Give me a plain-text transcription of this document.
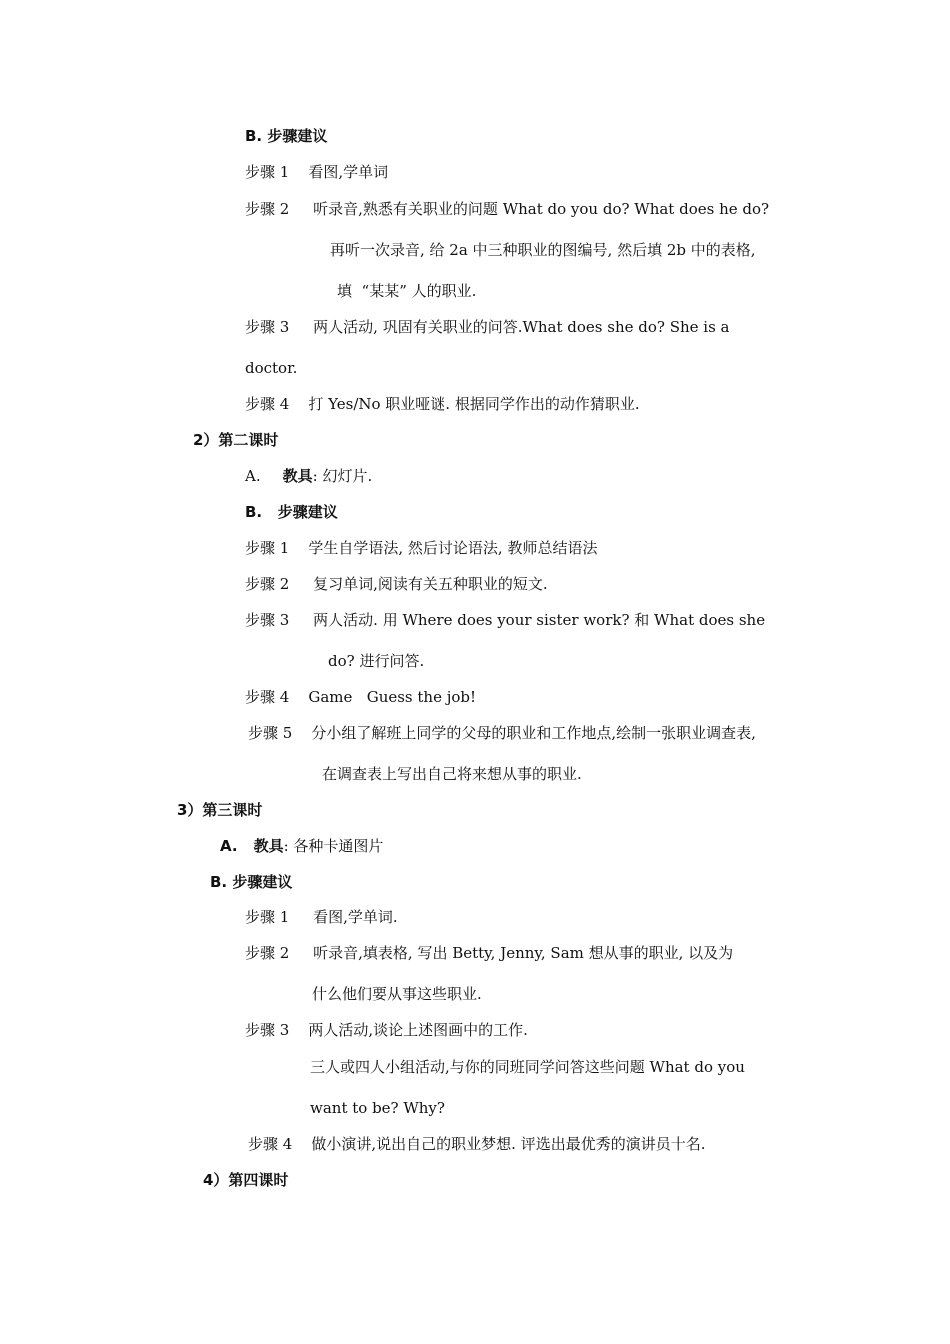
B. 步骤建议
步骤 1    看图,学单词
步骤 2     听录音,熟悉有关职业的问题 What do you do? What does he do?
再听一次录音, 给 2a 中三种职业的图编号, 然后填 2b 中的表格,
填  “某某” 人的职业.
步骤 3     两人活动, 巩固有关职业的问答.What does she do? She is a
doctor.
步骤 4    打 Yes/No 职业哑谜. 根据同学作出的动作猜职业.
2）第二课时
A. 教具: 幻灯片.
B.   步骤建议
步骤 1    学生自学语法, 然后讨论语法, 教师总结语法
步骤 2     复习单词,阅读有关五种职业的短文.
步骤 3     两人活动. 用 Where does your sister work? 和 What does she
do? 进行问答.
步骤 4    Game   Guess the job!
步骤 5    分小组了解班上同学的父母的职业和工作地点,绘制一张职业调查表,
在调查表上写出自己将来想从事的职业.
3）第三课时
A. 教具: 各种卡通图片
B. 步骤建议
步骤 1     看图,学单词.
步骤 2     听录音,填表格, 写出 Betty, Jenny, Sam 想从事的职业, 以及为
什么他们要从事这些职业.
步骤 3    两人活动,谈论上述图画中的工作.
三人或四人小组活动,与你的同班同学问答这些问题 What do you
want to be? Why?
步骤 4    做小演讲,说出自己的职业梦想. 评选出最优秀的演讲员十名.
4）第四课时
